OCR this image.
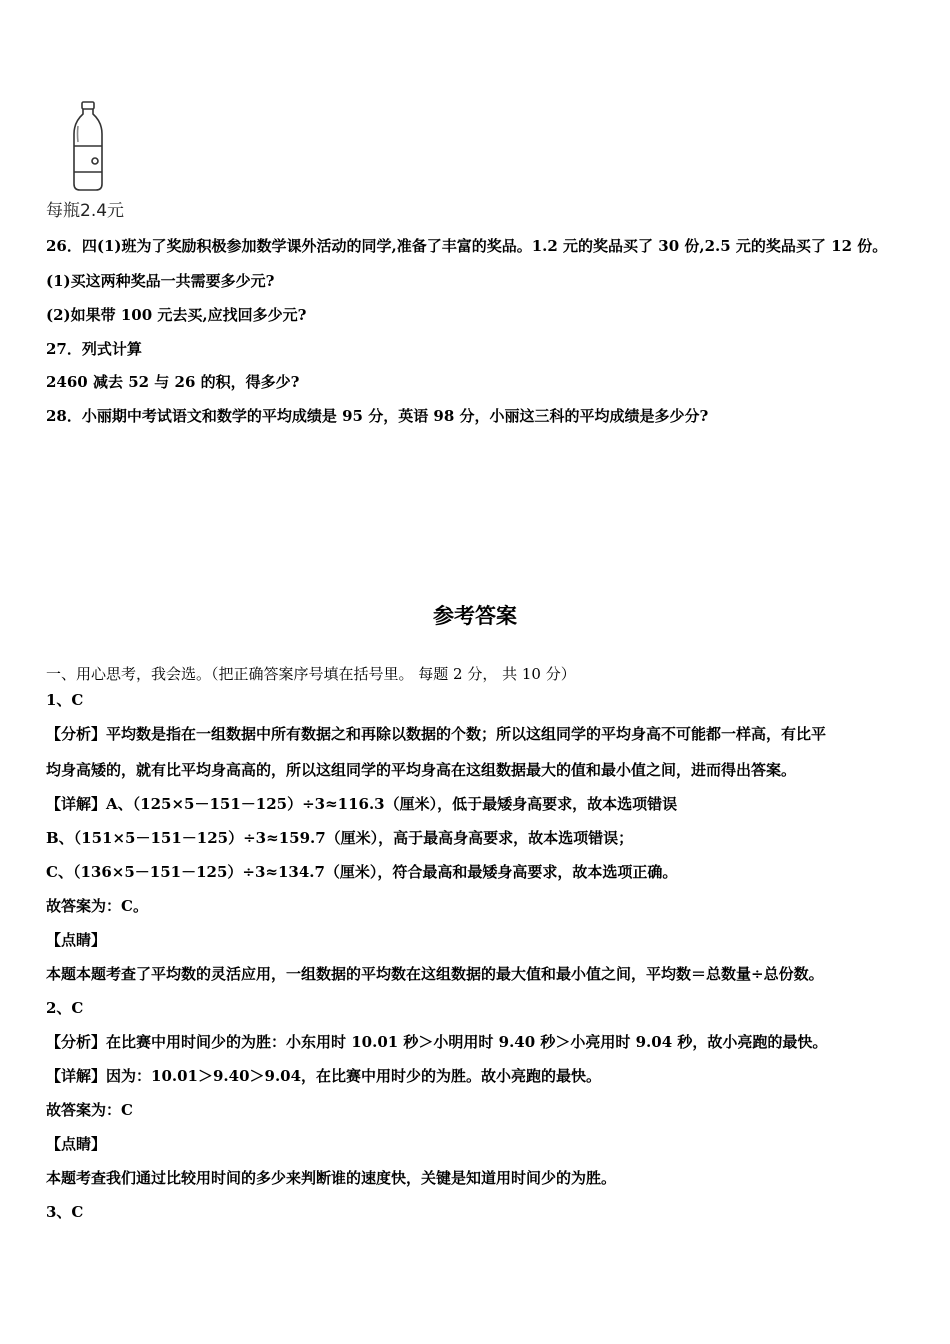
每瓶2.4元
26．四(1)班为了奖励积极参加数学课外活动的同学,准备了丰富的奖品。1.2 元的奖品买了 30 份,2.5 元的奖品买了 12 份。
(1)买这两种奖品一共需要多少元?
(2)如果带 100 元去买,应找回多少元?
27．列式计算
2460 减去 52 与 26 的积，得多少?
28．小丽期中考试语文和数学的平均成绩是 95 分，英语 98 分，小丽这三科的平均成绩是多少分?
参考答案
一、用心思考，我会选。（把正确答案序号填在括号里。 每题 2 分， 共 10 分）
1、C
【分析】平均数是指在一组数据中所有数据之和再除以数据的个数；所以这组同学的平均身高不可能都一样高，有比平
均身高矮的，就有比平均身高高的，所以这组同学的平均身高在这组数据最大的值和最小值之间，进而得出答案。
【详解】A、（125×5－151－125）÷3≈116.3（厘米），低于最矮身高要求，故本选项错误
B、（151×5－151－125）÷3≈159.7（厘米），高于最高身高要求，故本选项错误；
C、（136×5－151－125）÷3≈134.7（厘米），符合最高和最矮身高要求，故本选项正确。
故答案为：C。
【点睛】
本题本题考查了平均数的灵活应用，一组数据的平均数在这组数据的最大值和最小值之间，平均数＝总数量÷总份数。
2、C
【分析】在比赛中用时间少的为胜：小东用时 10.01 秒＞小明用时 9.40 秒＞小亮用时 9.04 秒，故小亮跑的最快。
【详解】因为：10.01＞9.40＞9.04，在比赛中用时少的为胜。故小亮跑的最快。
故答案为：C
【点睛】
本题考查我们通过比较用时间的多少来判断谁的速度快，关键是知道用时间少的为胜。
3、C
